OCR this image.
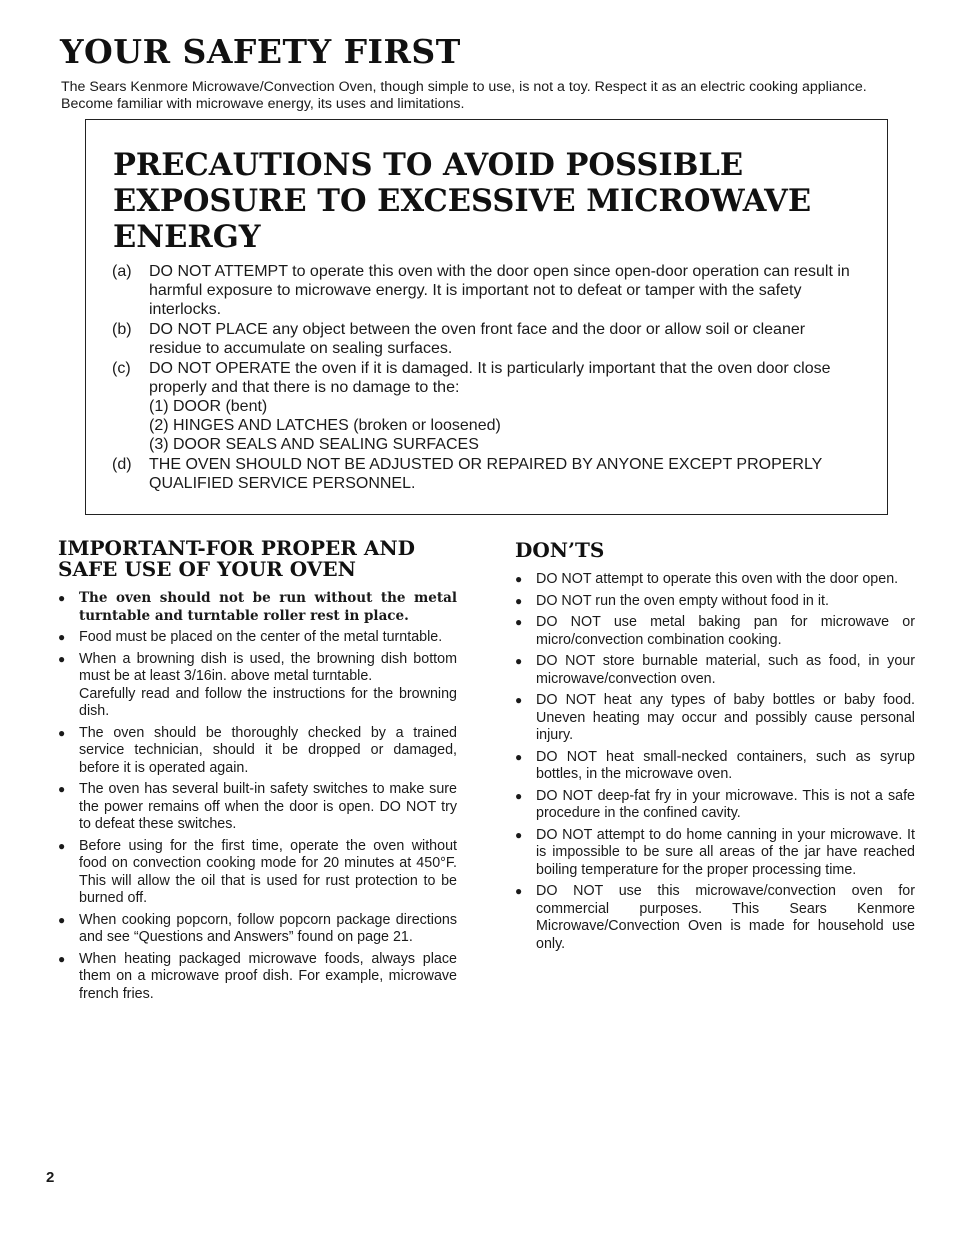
YOUR SAFETY FIRST

The Sears Kenmore Microwave/Convection Oven, though simple to use, is not a toy. Respect it as an electric cooking appliance. Become familiar with microwave energy, its uses and limitations.

PRECAUTIONS TO AVOID POSSIBLE EXPOSURE TO EXCESSIVE MICROWAVE ENERGY
(a) DO NOT ATTEMPT to operate this oven with the door open since open-door operation can result in harmful exposure to microwave energy. It is important not to defeat or tamper with the safety interlocks.
(b) DO NOT PLACE any object between the oven front face and the door or allow soil or cleaner residue to accumulate on sealing surfaces.
(c) DO NOT OPERATE the oven if it is damaged. It is particularly important that the oven door close properly and that there is no damage to the:
(1) DOOR (bent)
(2) HINGES AND LATCHES (broken or loosened)
(3) DOOR SEALS AND SEALING SURFACES
(d) THE OVEN SHOULD NOT BE ADJUSTED OR REPAIRED BY ANYONE EXCEPT PROPERLY QUALIFIED SERVICE PERSONNEL.
IMPORTANT-FOR PROPER AND SAFE USE OF YOUR OVEN
● The oven should not be run without the metal turntable and turntable roller rest in place.

● Food must be placed on the center of the metal turntable.

● When a browning dish is used, the browning dish bottom must be at least 3/16in. above metal turntable.

Carefully read and follow the instructions for the browning dish.

● The oven should be thoroughly checked by a trained service technician, should it be dropped or damaged, before it is operated again.

● The oven has several built-in safety switches to make sure the power remains off when the door is open. DO NOT try to defeat these switches.

● Before using for the first time, operate the oven without food on convection cooking mode for 20 minutes at 450°F. This will allow the oil that is used for rust protection to be burned off.

● When cooking popcorn, follow popcorn package directions and see “Questions and Answers” found on page 21.

● When heating packaged microwave foods, always place them on a microwave proof dish. For example, microwave french fries.

DON’TS
● DO NOT attempt to operate this oven with the door open.

● DO NOT run the oven empty without food in it.

● DO NOT use metal baking pan for microwave or micro/convection combination cooking.

● DO NOT store burnable material, such as food, in your microwave/convection oven.

● DO NOT heat any types of baby bottles or baby food. Uneven heating may occur and possibly cause personal injury.

● DO NOT heat small-necked containers, such as syrup bottles, in the microwave oven.

● DO NOT deep-fat fry in your microwave. This is not a safe procedure in the confined cavity.

● DO NOT attempt to do home canning in your microwave. It is impossible to be sure all areas of the jar have reached boiling temperature for the proper processing time.

● DO NOT use this microwave/convection oven for commercial purposes. This Sears Kenmore Microwave/Convection Oven is made for household use only.

2
